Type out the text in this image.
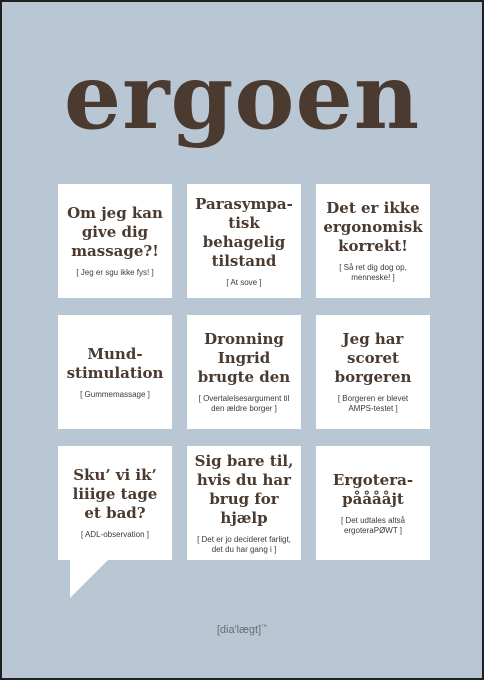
ergoen
Om jeg kan
give dig
massage?!
[ Jeg er sgu ikke fys! ]
Parasympa-
tisk behagelig
tilstand
[ At sove ]
Det er ikke
ergonomisk
korrekt!
[ Så ret dig dog op,
menneske! ]
Mund-
stimulation
[ Gummemassage ]
Dronning
Ingrid
brugte den
[ Overtalelsesargument til
den ældre borger ]
Jeg har scoret
borgeren
[ Borgeren er blevet
AMPS-testet ]
Sku’ vi ik’
liiige tage
et bad?
[ ADL-observation ]
Sig bare til,
hvis du har
brug for hjælp
[ Det er jo decideret farligt,
det du har gang i ]
Ergotera-
pååååjt
[ Det udtales altså
ergoteraPØWT ]
[dia'lægt]™
